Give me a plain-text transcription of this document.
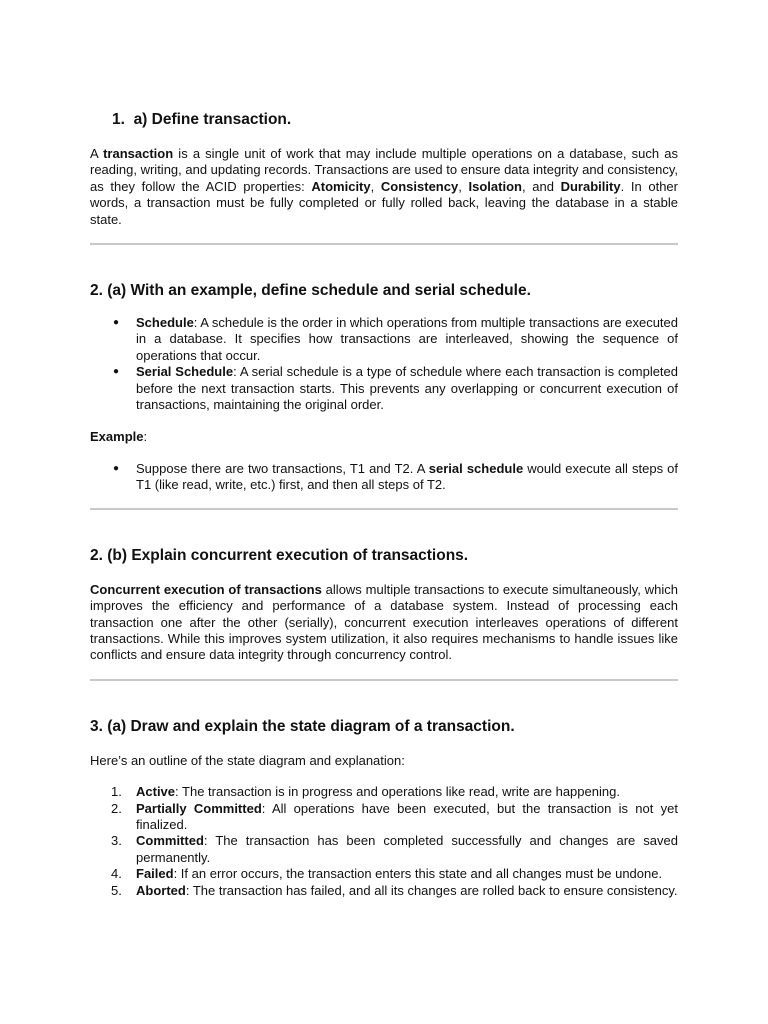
1. a) Define transaction.

A transaction is a single unit of work that may include multiple operations on a database, such as reading, writing, and updating records. Transactions are used to ensure data integrity and consistency, as they follow the ACID properties: Atomicity, Consistency, Isolation, and Durability. In other words, a transaction must be fully completed or fully rolled back, leaving the database in a stable state.

2. (a) With an example, define schedule and serial schedule.
● Schedule: A schedule is the order in which operations from multiple transactions are executed in a database. It specifies how transactions are interleaved, showing the sequence of operations that occur.
● Serial Schedule: A serial schedule is a type of schedule where each transaction is completed before the next transaction starts. This prevents any overlapping or concurrent execution of transactions, maintaining the original order.

Example:

● Suppose there are two transactions, T1 and T2. A serial schedule would execute all steps of T1 (like read, write, etc.) first, and then all steps of T2.
2. (b) Explain concurrent execution of transactions.

Concurrent execution of transactions allows multiple transactions to execute simultaneously, which improves the efficiency and performance of a database system. Instead of processing each transaction one after the other (serially), concurrent execution interleaves operations of different transactions. While this improves system utilization, it also requires mechanisms to handle issues like conflicts and ensure data integrity through concurrency control.

3. (a) Draw and explain the state diagram of a transaction.

Here’s an outline of the state diagram and explanation:

1. Active: The transaction is in progress and operations like read, write are happening.
2. Partially Committed: All operations have been executed, but the transaction is not yet finalized.
3. Committed: The transaction has been completed successfully and changes are saved permanently.
4. Failed: If an error occurs, the transaction enters this state and all changes must be undone.
5. Aborted: The transaction has failed, and all its changes are rolled back to ensure consistency.
